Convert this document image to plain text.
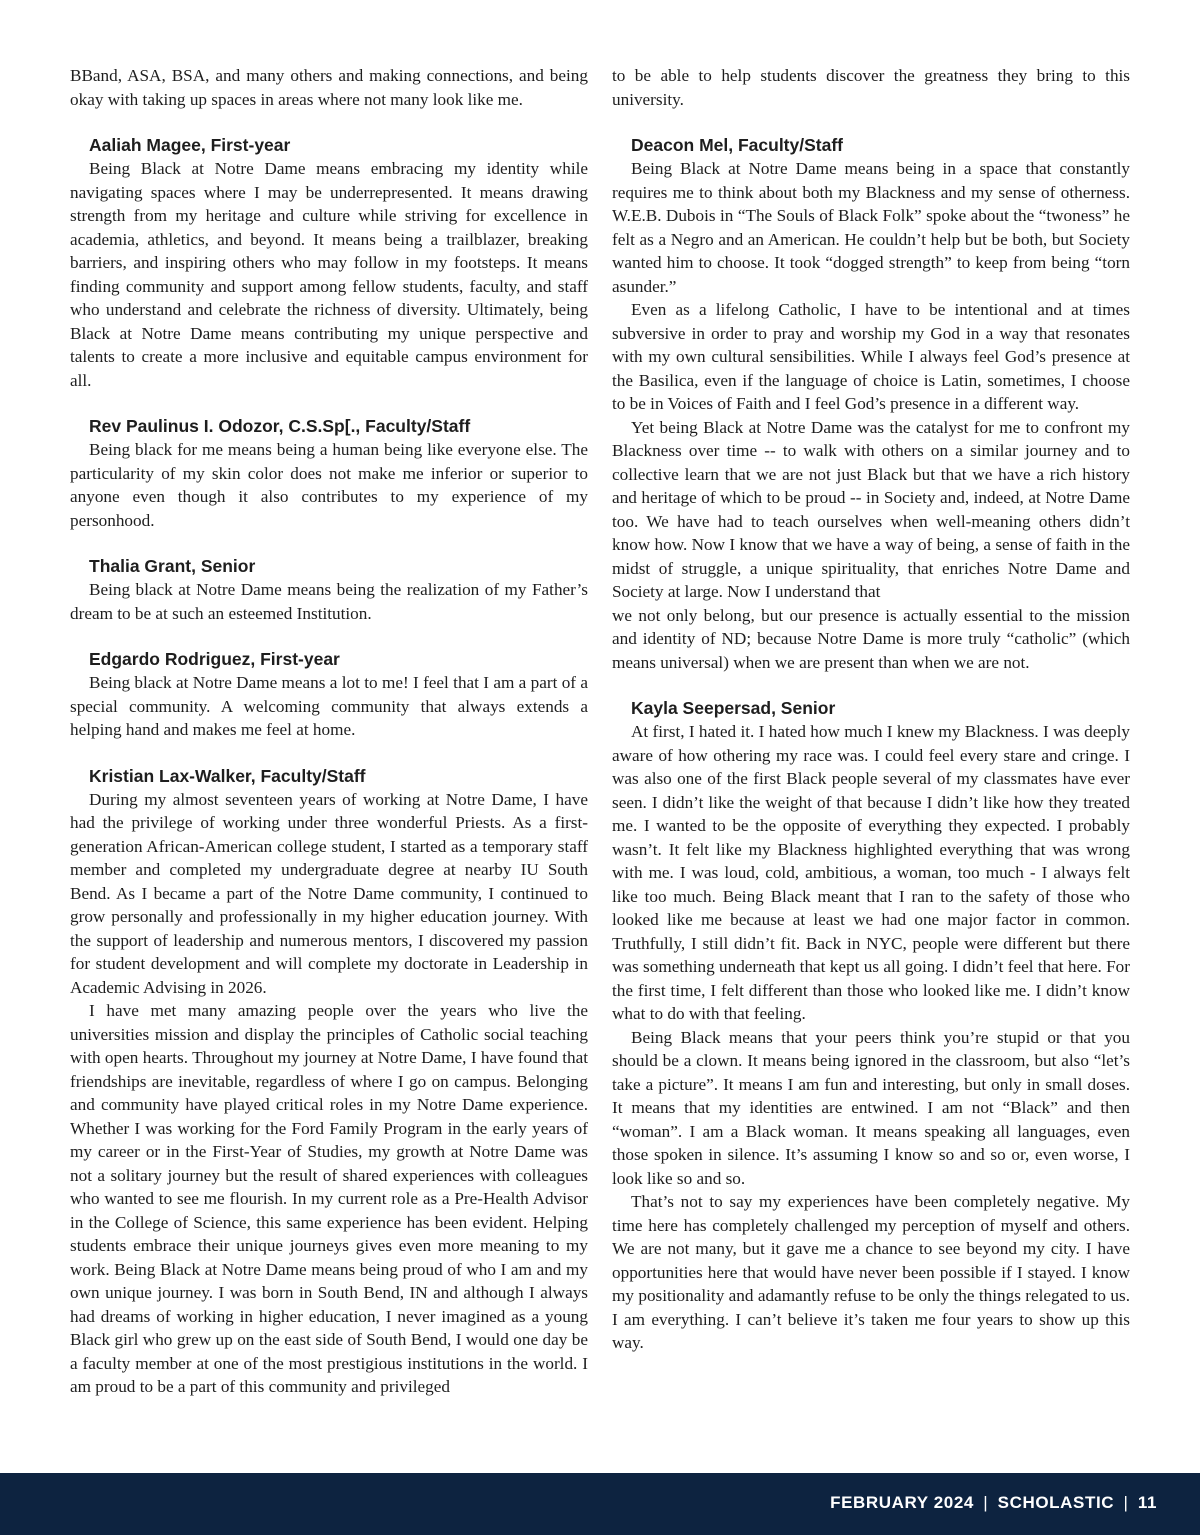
BBand, ASA, BSA, and many others and making connections, and being okay with taking up spaces in areas where not many look like me.

Aaliah Magee, First-year

Being Black at Notre Dame means embracing my identity while navigating spaces where I may be underrepresented. It means drawing strength from my heritage and culture while striving for excellence in academia, athletics, and beyond. It means being a trailblazer, breaking barriers, and inspiring others who may follow in my footsteps. It means finding community and support among fellow students, faculty, and staff who understand and celebrate the richness of diversity. Ultimately, being Black at Notre Dame means contributing my unique perspective and talents to create a more inclusive and equitable campus environment for all.

Rev Paulinus I. Odozor, C.S.Sp[., Faculty/Staff

Being black for me means being a human being like everyone else. The particularity of my skin color does not make me inferior or superior to anyone even though it also contributes to my experience of my personhood.

Thalia Grant, Senior

Being black at Notre Dame means being the realization of my Father’s dream to be at such an esteemed Institution.

Edgardo Rodriguez, First-year

Being black at Notre Dame means a lot to me! I feel that I am a part of a special community. A welcoming community that always extends a helping hand and makes me feel at home.

Kristian Lax-Walker, Faculty/Staff

During my almost seventeen years of working at Notre Dame, I have had the privilege of working under three wonderful Priests. As a first-generation African-American college student, I started as a temporary staff member and completed my undergraduate degree at nearby IU South Bend. As I became a part of the Notre Dame community, I continued to grow personally and professionally in my higher education journey. With the support of leadership and numerous mentors, I discovered my passion for student development and will complete my doctorate in Leadership in Academic Advising in 2026.

I have met many amazing people over the years who live the universities mission and display the principles of Catholic social teaching with open hearts. Throughout my journey at Notre Dame, I have found that friendships are inevitable, regardless of where I go on campus. Belonging and community have played critical roles in my Notre Dame experience. Whether I was working for the Ford Family Program in the early years of my career or in the First-Year of Studies, my growth at Notre Dame was not a solitary journey but the result of shared experiences with colleagues who wanted to see me flourish. In my current role as a Pre-Health Advisor in the College of Science, this same experience has been evident. Helping students embrace their unique journeys gives even more meaning to my work. Being Black at Notre Dame means being proud of who I am and my own unique journey. I was born in South Bend, IN and although I always had dreams of working in higher education, I never imagined as a young Black girl who grew up on the east side of South Bend, I would one day be a faculty member at one of the most prestigious institutions in the world. I am proud to be a part of this community and privileged

to be able to help students discover the greatness they bring to this university.

Deacon Mel, Faculty/Staff

Being Black at Notre Dame means being in a space that constantly requires me to think about both my Blackness and my sense of otherness. W.E.B. Dubois in “The Souls of Black Folk” spoke about the “twoness” he felt as a Negro and an American. He couldn’t help but be both, but Society wanted him to choose. It took “dogged strength” to keep from being “torn asunder.”

Even as a lifelong Catholic, I have to be intentional and at times subversive in order to pray and worship my God in a way that resonates with my own cultural sensibilities. While I always feel God’s presence at the Basilica, even if the language of choice is Latin, sometimes, I choose to be in Voices of Faith and I feel God’s presence in a different way.

Yet being Black at Notre Dame was the catalyst for me to confront my Blackness over time -- to walk with others on a similar journey and to collective learn that we are not just Black but that we have a rich history and heritage of which to be proud -- in Society and, indeed, at Notre Dame too. We have had to teach ourselves when well-meaning others didn’t know how. Now I know that we have a way of being, a sense of faith in the midst of struggle, a unique spirituality, that enriches Notre Dame and Society at large. Now I understand that

we not only belong, but our presence is actually essential to the mission and identity of ND; because Notre Dame is more truly “catholic” (which means universal) when we are present than when we are not.

Kayla Seepersad, Senior

At first, I hated it. I hated how much I knew my Blackness. I was deeply aware of how othering my race was. I could feel every stare and cringe. I was also one of the first Black people several of my classmates have ever seen. I didn’t like the weight of that because I didn’t like how they treated me. I wanted to be the opposite of everything they expected. I probably wasn’t. It felt like my Blackness highlighted everything that was wrong with me. I was loud, cold, ambitious, a woman, too much - I always felt like too much. Being Black meant that I ran to the safety of those who looked like me because at least we had one major factor in common. Truthfully, I still didn’t fit. Back in NYC, people were different but there was something underneath that kept us all going. I didn’t feel that here. For the first time, I felt different than those who looked like me. I didn’t know what to do with that feeling.

Being Black means that your peers think you’re stupid or that you should be a clown. It means being ignored in the classroom, but also “let’s take a picture”. It means I am fun and interesting, but only in small doses. It means that my identities are entwined. I am not “Black” and then “woman”. I am a Black woman. It means speaking all languages, even those spoken in silence. It’s assuming I know so and so or, even worse, I look like so and so.

That’s not to say my experiences have been completely negative. My time here has completely challenged my perception of myself and others. We are not many, but it gave me a chance to see beyond my city. I have opportunities here that would have never been possible if I stayed. I know my positionality and adamantly refuse to be only the things relegated to us. I am everything. I can’t believe it’s taken me four years to show up this way.

FEBRUARY 2024 | SCHOLASTIC | 11
